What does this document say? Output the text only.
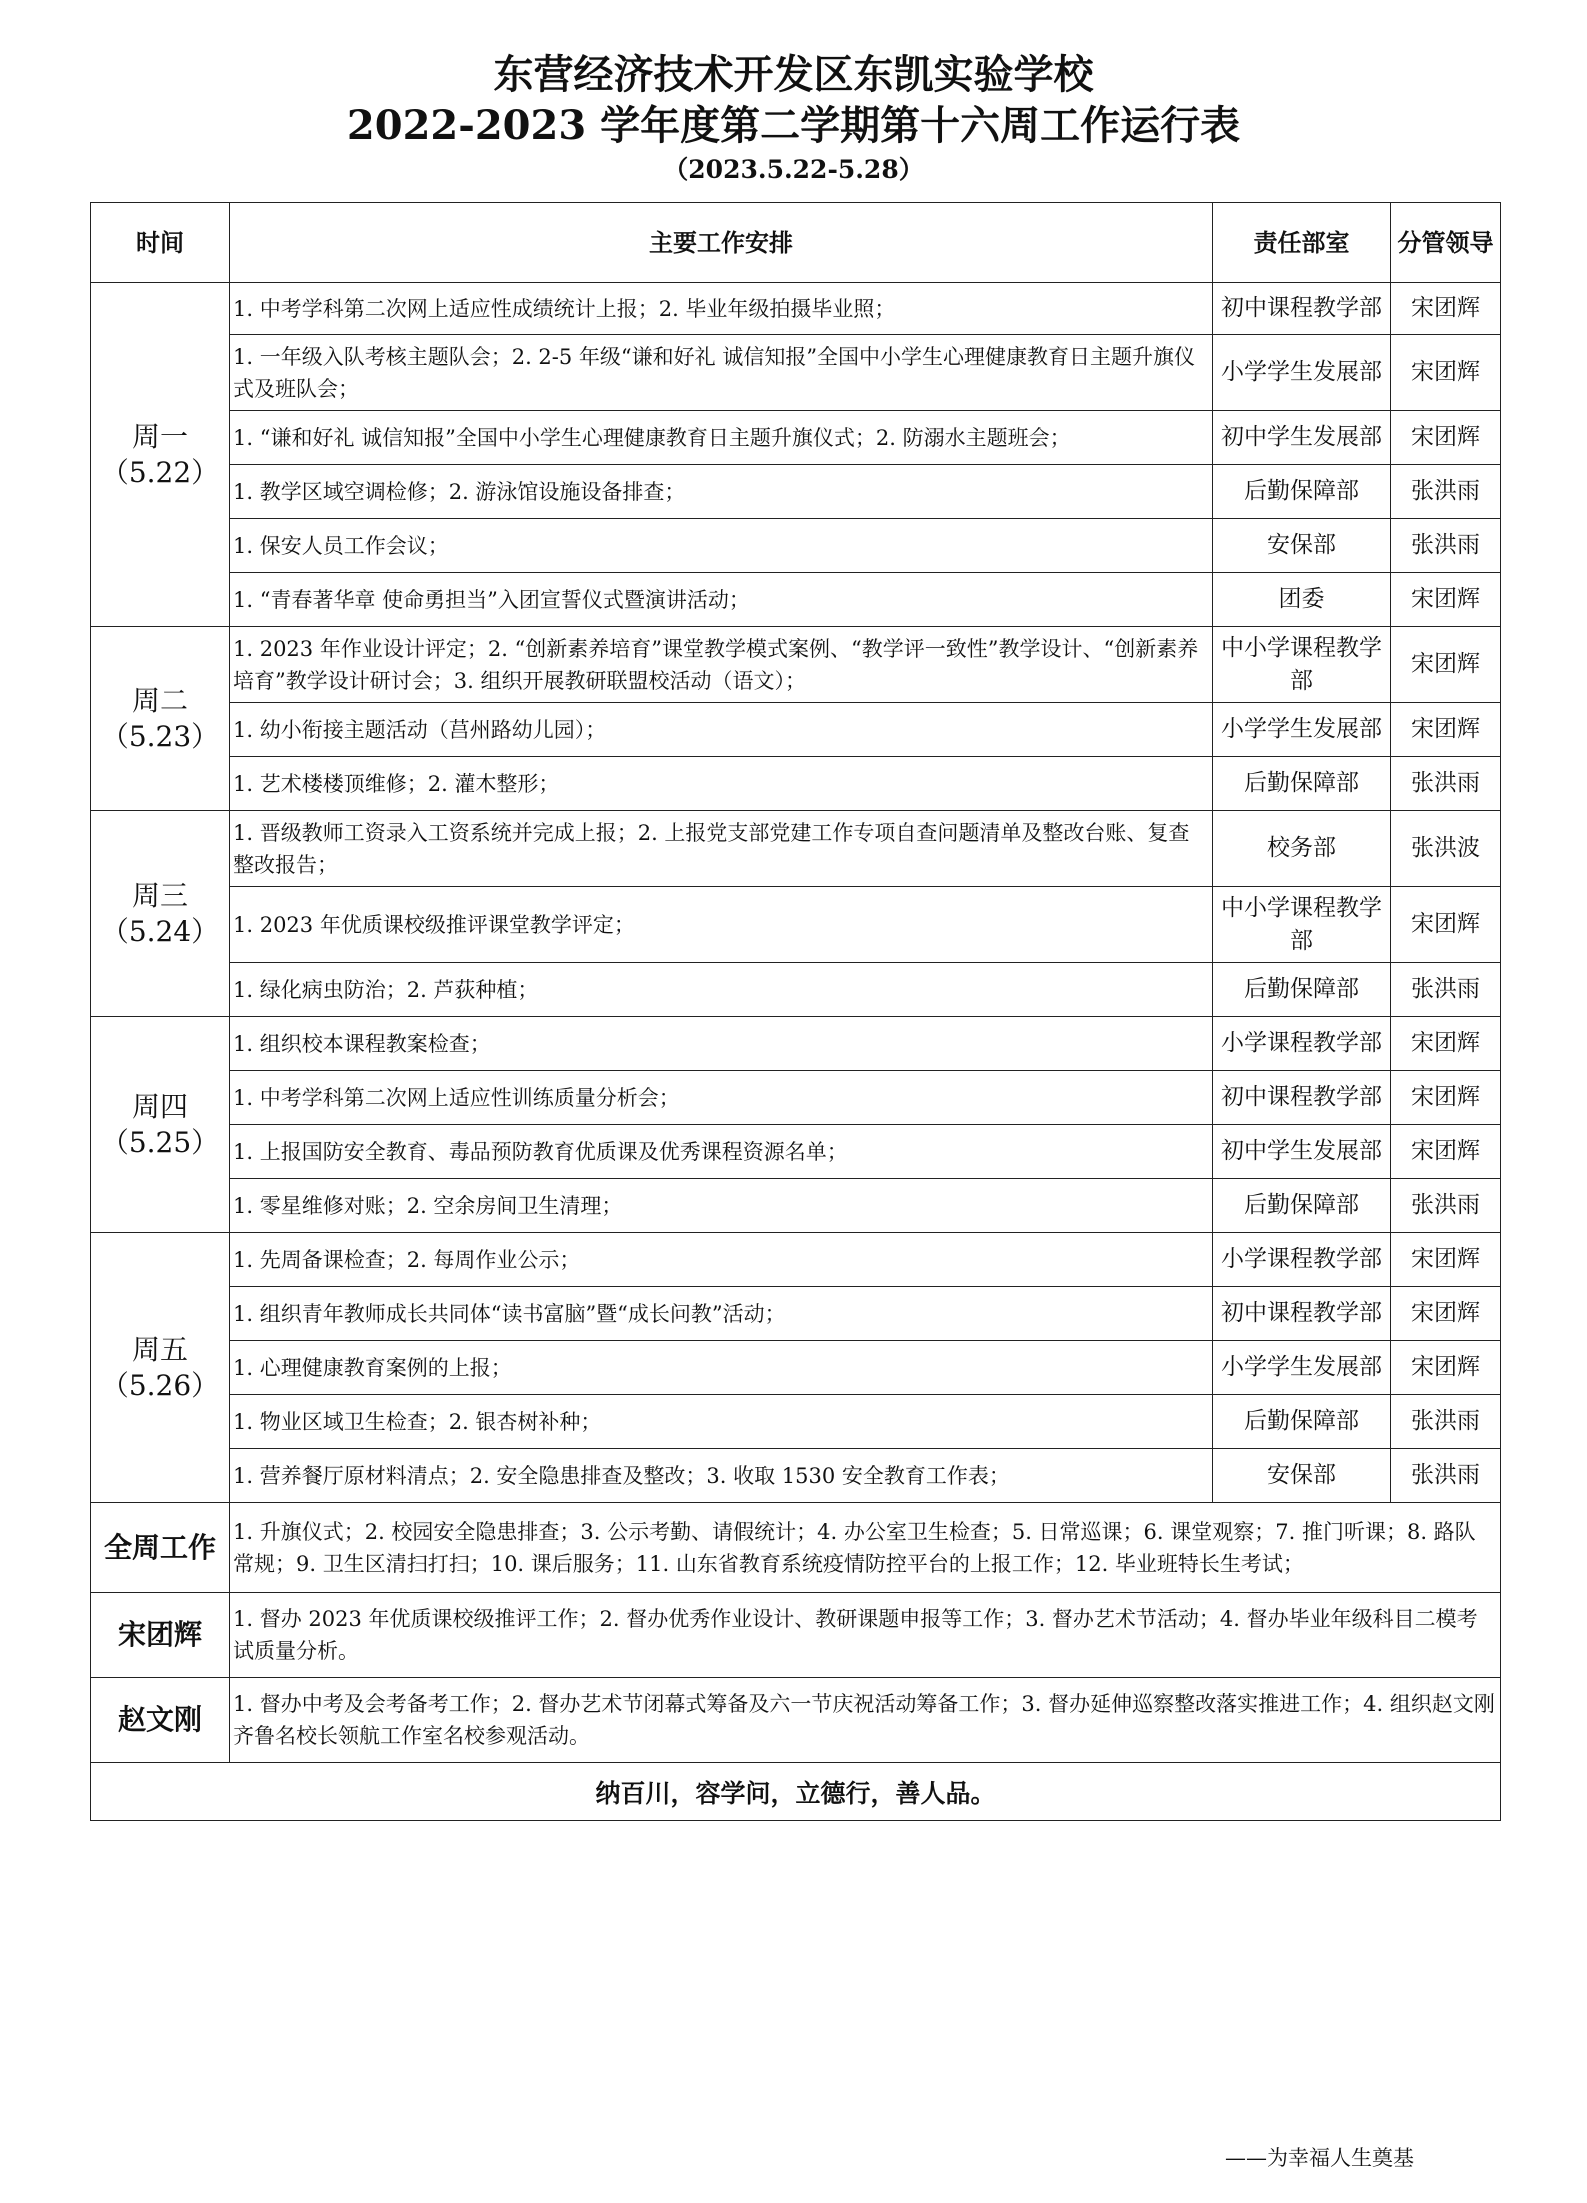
东营经济技术开发区东凯实验学校
2022-2023 学年度第二学期第十六周工作运行表
（2023.5.22-5.28）
时间	主要工作安排	责任部室	分管领导

周一
（5.22）	1. 中考学科第二次网上适应性成绩统计上报；2. 毕业年级拍摄毕业照；	初中课程教学部	宋团辉
	1. 一年级入队考核主题队会；2. 2-5 年级“谦和好礼 诚信知报”全国中小学生心理健康教育日主题升旗仪式及班队会；	小学学生发展部	宋团辉
	1. “谦和好礼 诚信知报”全国中小学生心理健康教育日主题升旗仪式；2. 防溺水主题班会；	初中学生发展部	宋团辉
	1. 教学区域空调检修；2. 游泳馆设施设备排查；	后勤保障部	张洪雨
	1. 保安人员工作会议；	安保部	张洪雨
	1. “青春著华章 使命勇担当”入团宣誓仪式暨演讲活动；	团委	宋团辉

周二
（5.23）	1. 2023 年作业设计评定；2. “创新素养培育”课堂教学模式案例、“教学评一致性”教学设计、“创新素养培育”教学设计研讨会；3. 组织开展教研联盟校活动（语文）；	中小学课程教学部	宋团辉
	1. 幼小衔接主题活动（莒州路幼儿园）；	小学学生发展部	宋团辉
	1. 艺术楼楼顶维修；2. 灌木整形；	后勤保障部	张洪雨

周三
（5.24）	1. 晋级教师工资录入工资系统并完成上报；2. 上报党支部党建工作专项自查问题清单及整改台账、复查整改报告；	校务部	张洪波
	1. 2023 年优质课校级推评课堂教学评定；	中小学课程教学部	宋团辉
	1. 绿化病虫防治；2. 芦荻种植；	后勤保障部	张洪雨

周四
（5.25）	1. 组织校本课程教案检查；	小学课程教学部	宋团辉
	1. 中考学科第二次网上适应性训练质量分析会；	初中课程教学部	宋团辉
	1. 上报国防安全教育、毒品预防教育优质课及优秀课程资源名单；	初中学生发展部	宋团辉
	1. 零星维修对账；2. 空余房间卫生清理；	后勤保障部	张洪雨

周五
（5.26）	1. 先周备课检查；2. 每周作业公示；	小学课程教学部	宋团辉
	1. 组织青年教师成长共同体“读书富脑”暨“成长问教”活动；	初中课程教学部	宋团辉
	1. 心理健康教育案例的上报；	小学学生发展部	宋团辉
	1. 物业区域卫生检查；2. 银杏树补种；	后勤保障部	张洪雨
	1. 营养餐厅原材料清点；2. 安全隐患排查及整改；3. 收取 1530 安全教育工作表；	安保部	张洪雨
全周工作	1. 升旗仪式；2. 校园安全隐患排查；3. 公示考勤、请假统计；4. 办公室卫生检查；5. 日常巡课；6. 课堂观察；7. 推门听课；8. 路队常规；9. 卫生区清扫打扫；10. 课后服务；11. 山东省教育系统疫情防控平台的上报工作；12. 毕业班特长生考试；		
宋团辉	1. 督办 2023 年优质课校级推评工作；2. 督办优秀作业设计、教研课题申报等工作；3. 督办艺术节活动；4. 督办毕业年级科目二模考试质量分析。		
赵文刚	1. 督办中考及会考备考工作；2. 督办艺术节闭幕式筹备及六一节庆祝活动筹备工作；3. 督办延伸巡察整改落实推进工作；4. 组织赵文刚齐鲁名校长领航工作室名校参观活动。		
纳百川，容学问，立德行，善人品。			
——为幸福人生奠基
